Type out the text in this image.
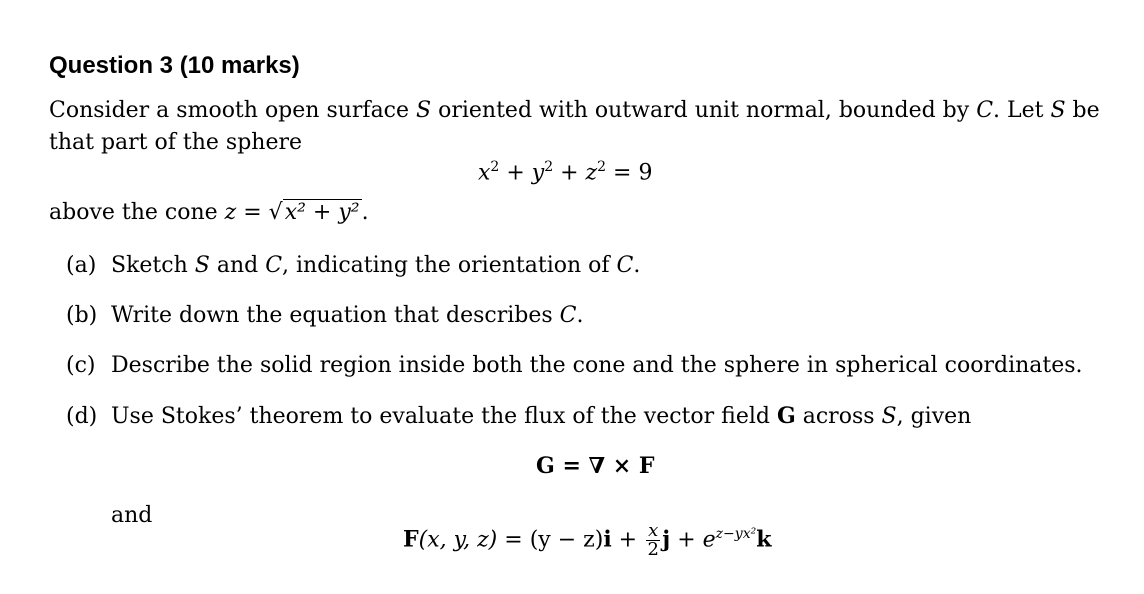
Question 3 (10 marks)
Consider a smooth open surface S oriented with outward unit normal, bounded by C. Let S be that part of the sphere
$x^2 + y^2 + z^2 = 9$
above the cone z = √x² + y².
(a) Sketch S and C, indicating the orientation of C.
(b) Write down the equation that describes C.
(c) Describe the solid region inside both the cone and the sphere in spherical coordinates.
(d) Use Stokes’ theorem to evaluate the flux of the vector field G across S, given
G = ∇ × F
and
F(x, y, $z) = (y - z)i + \frac{x}{2}$ $j + e^{z-yx^2}k$
